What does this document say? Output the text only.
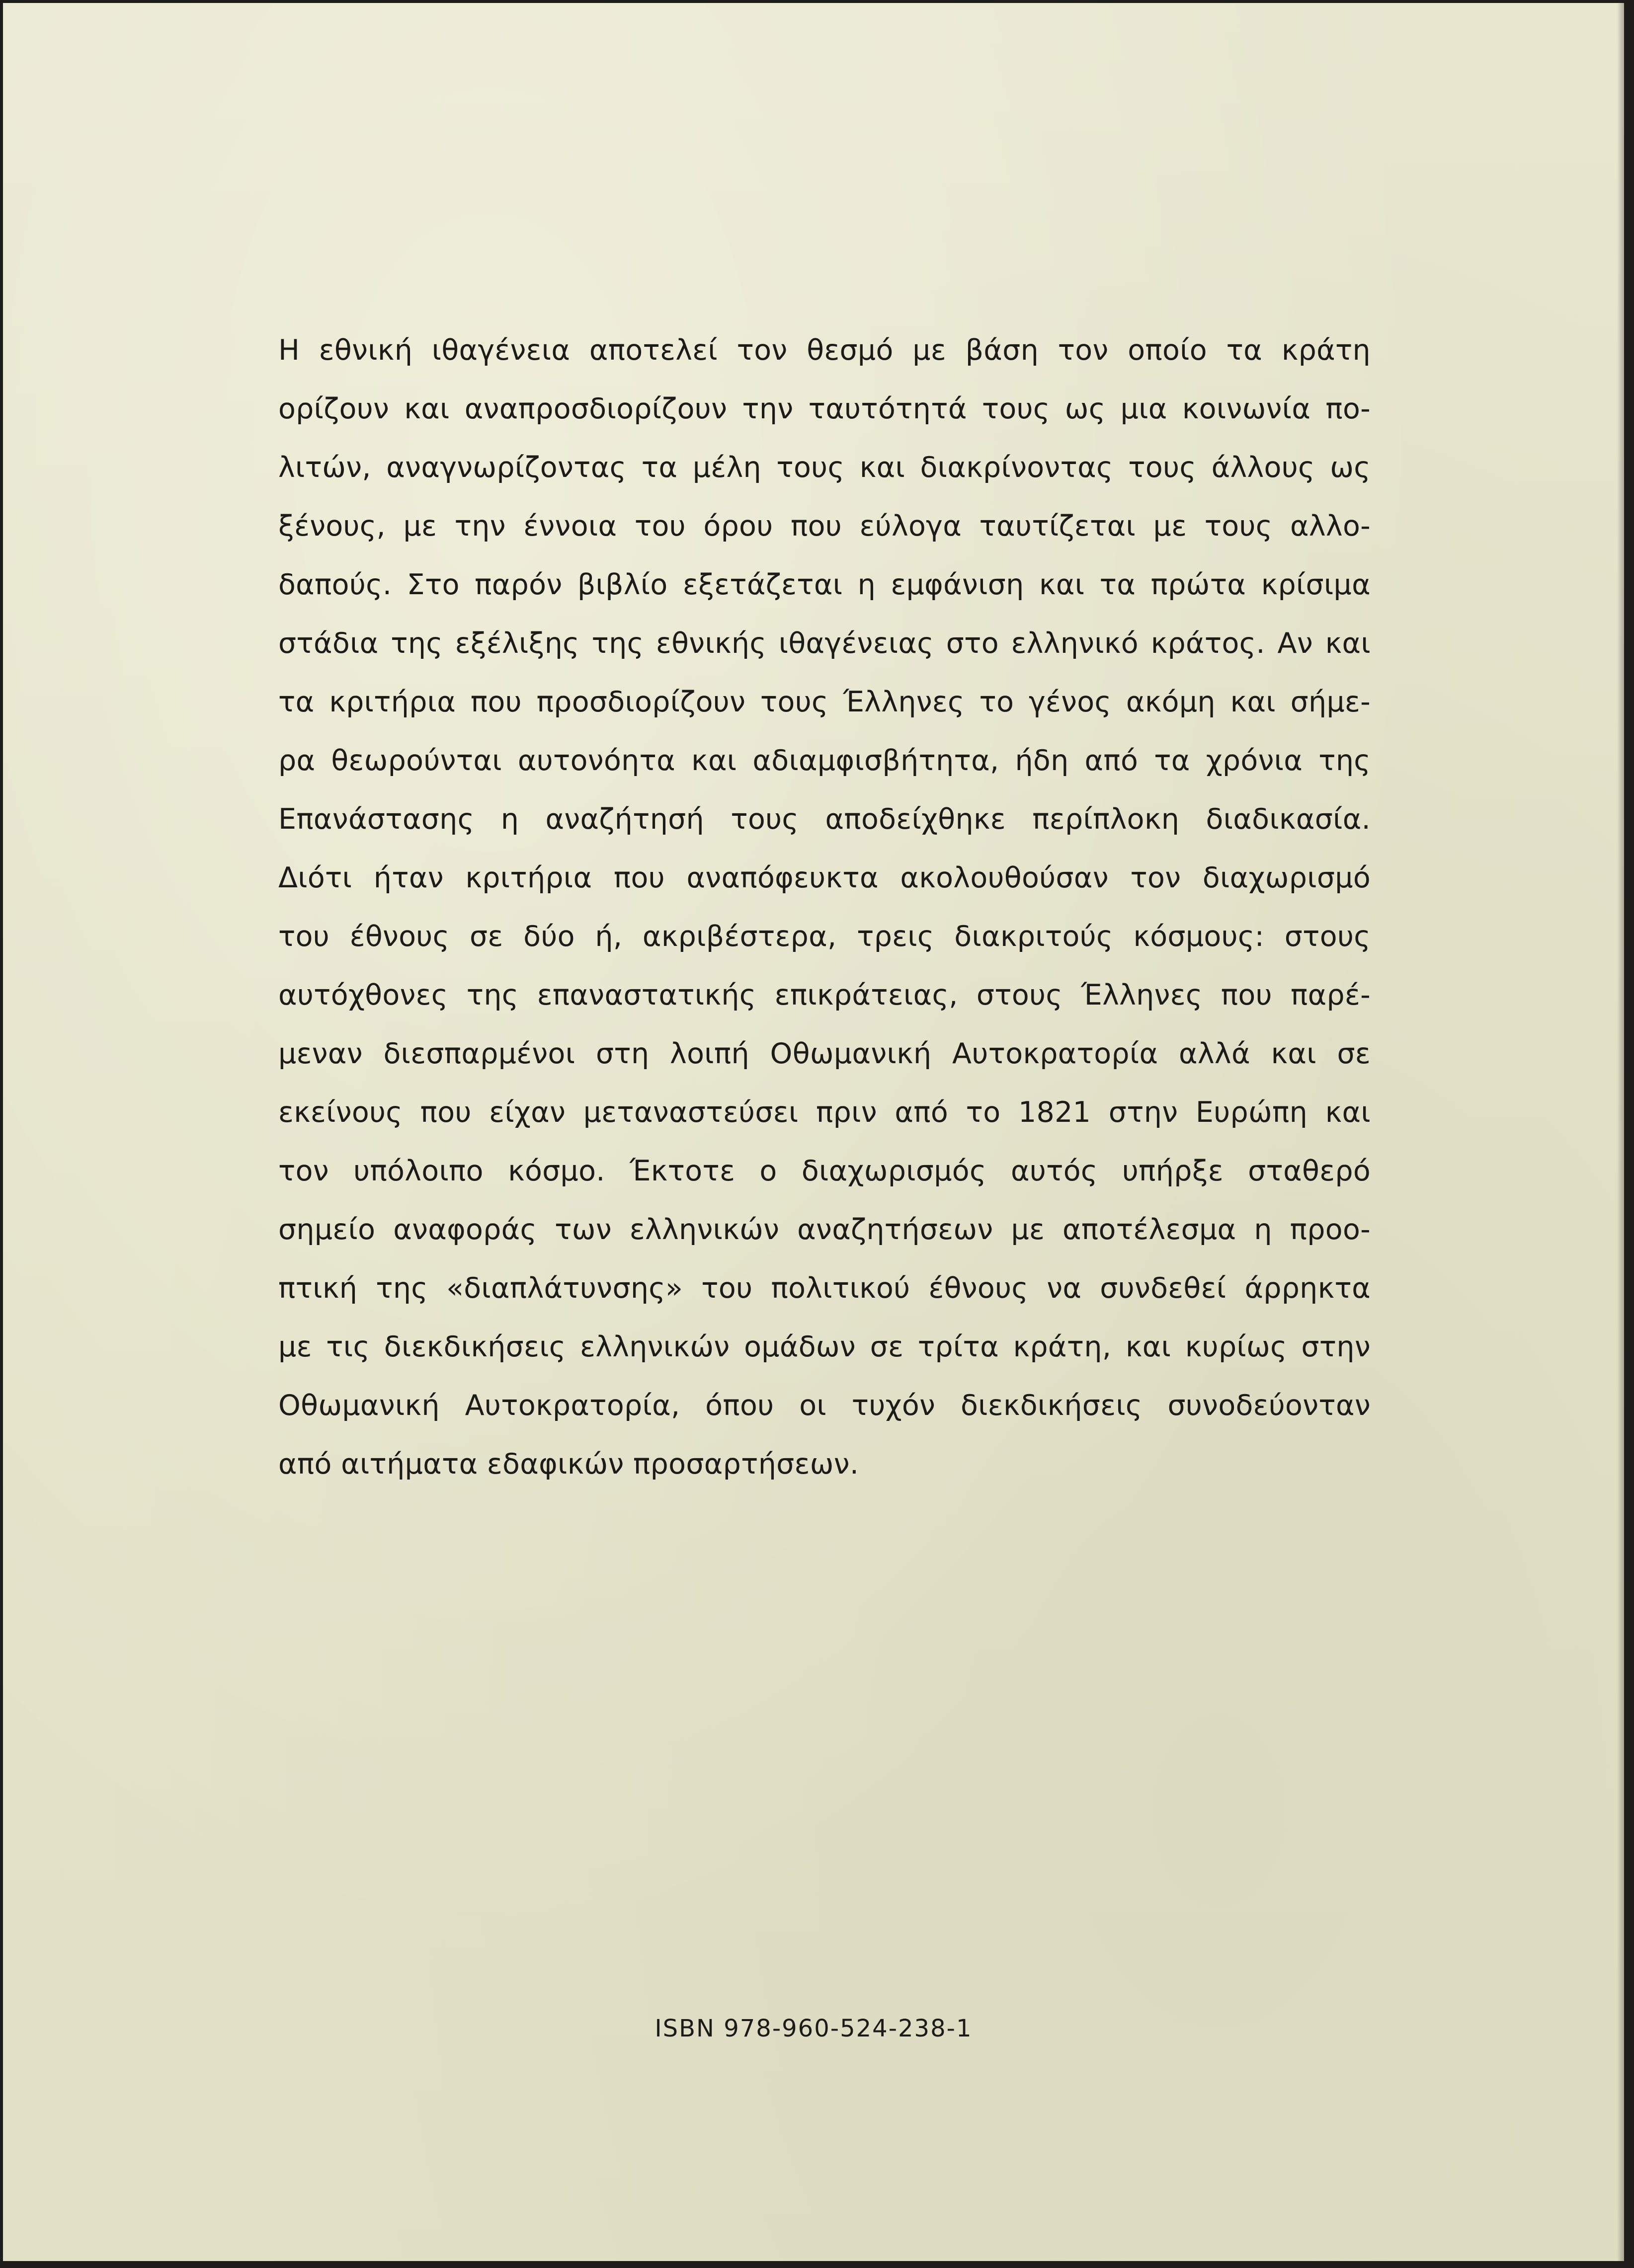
Η εθνική ιθαγένεια αποτελεί τον θεσμό με βάση τον οποίο τα κράτη
ορίζουν και αναπροσδιορίζουν την ταυτότητά τους ως μια κοινωνία πο-
λιτών, αναγνωρίζοντας τα μέλη τους και διακρίνοντας τους άλλους ως
ξένους, με την έννοια του όρου που εύλογα ταυτίζεται με τους αλλο-
δαπούς. Στο παρόν βιβλίο εξετάζεται η εμφάνιση και τα πρώτα κρίσιμα
στάδια της εξέλιξης της εθνικής ιθαγένειας στο ελληνικό κράτος. Αν και
τα κριτήρια που προσδιορίζουν τους Έλληνες το γένος ακόμη και σήμε-
ρα θεωρούνται αυτονόητα και αδιαμφισβήτητα, ήδη από τα χρόνια της
Επανάστασης η αναζήτησή τους αποδείχθηκε περίπλοκη διαδικασία.
Διότι ήταν κριτήρια που αναπόφευκτα ακολουθούσαν τον διαχωρισμό
του έθνους σε δύο ή, ακριβέστερα, τρεις διακριτούς κόσμους: στους
αυτόχθονες της επαναστατικής επικράτειας, στους Έλληνες που παρέ-
μεναν διεσπαρμένοι στη λοιπή Οθωμανική Αυτοκρατορία αλλά και σε
εκείνους που είχαν μεταναστεύσει πριν από το 1821 στην Ευρώπη και
τον υπόλοιπο κόσμο. Έκτοτε ο διαχωρισμός αυτός υπήρξε σταθερό
σημείο αναφοράς των ελληνικών αναζητήσεων με αποτέλεσμα η προο-
πτική της «διαπλάτυνσης» του πολιτικού έθνους να συνδεθεί άρρηκτα
με τις διεκδικήσεις ελληνικών ομάδων σε τρίτα κράτη, και κυρίως στην
Οθωμανική Αυτοκρατορία, όπου οι τυχόν διεκδικήσεις συνοδεύονταν
από αιτήματα εδαφικών προσαρτήσεων.

ISBN 978-960-524-238-1
